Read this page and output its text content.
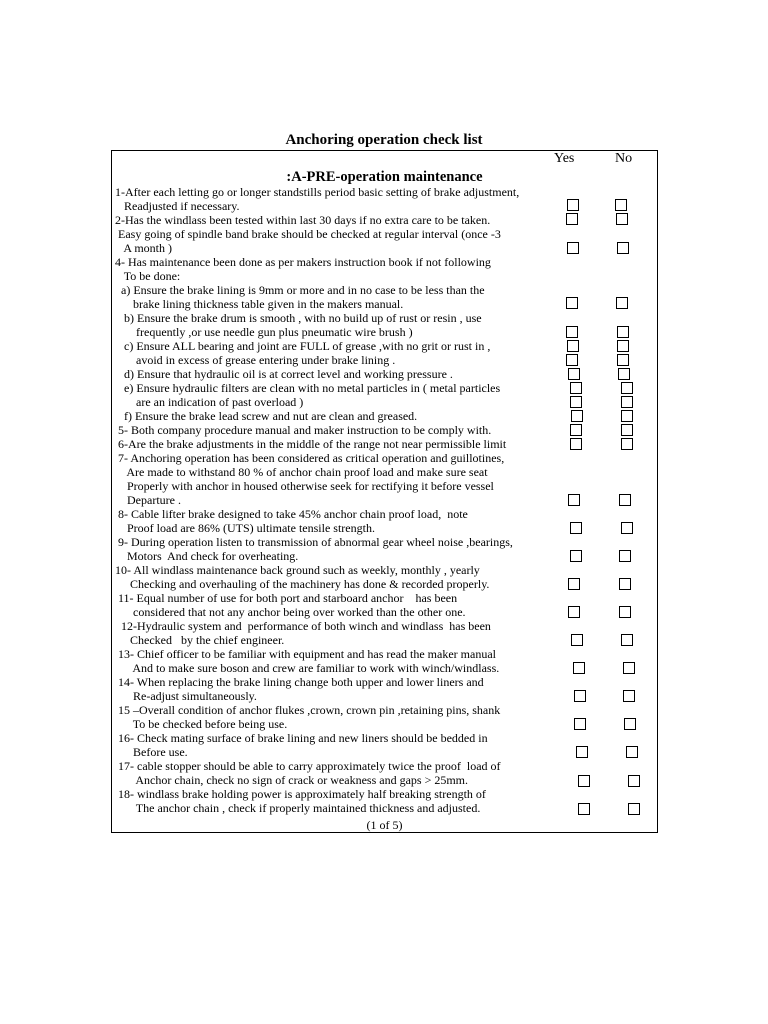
Anchoring operation check list
Yes	No
:A-PRE-operation maintenance
1-After each letting go or longer standstills period basic setting of brake adjustment,
Readjusted if necessary.
2-Has the windlass been tested within last 30 days if no extra care to be taken.
Easy going of spindle band brake should be checked at regular interval (once -3
A month )
4- Has maintenance been done as per makers instruction book if not following
To be done:
a) Ensure the brake lining is 9mm or more and in no case to be less than the
brake lining thickness table given in the makers manual.
b) Ensure the brake drum is smooth , with no build up of rust or resin , use
frequently ,or use needle gun plus pneumatic wire brush )
c) Ensure ALL bearing and joint are FULL of grease ,with no grit or rust in ,
avoid in excess of grease entering under brake lining .
d) Ensure that hydraulic oil is at correct level and working pressure .
e) Ensure hydraulic filters are clean with no metal particles in ( metal particles
are an indication of past overload )
f) Ensure the brake lead screw and nut are clean and greased.
5- Both company procedure manual and maker instruction to be comply with.
6-Are the brake adjustments in the middle of the range not near permissible limit
7- Anchoring operation has been considered as critical operation and guillotines,
Are made to withstand 80 % of anchor chain proof load and make sure seat
Properly with anchor in housed otherwise seek for rectifying it before vessel
Departure .
8- Cable lifter brake designed to take 45% anchor chain proof load,  note
Proof load are 86% (UTS) ultimate tensile strength.
9- During operation listen to transmission of abnormal gear wheel noise ,bearings,
Motors  And check for overheating.
10- All windlass maintenance back ground such as weekly, monthly , yearly
Checking and overhauling of the machinery has done & recorded properly.
11- Equal number of use for both port and starboard anchor    has been
considered that not any anchor being over worked than the other one.
12-Hydraulic system and  performance of both winch and windlass  has been
Checked   by the chief engineer.
13- Chief officer to be familiar with equipment and has read the maker manual
And to make sure boson and crew are familiar to work with winch/windlass.
14- When replacing the brake lining change both upper and lower liners and
Re-adjust simultaneously.
15 –Overall condition of anchor flukes ,crown, crown pin ,retaining pins, shank
To be checked before being use.
16- Check mating surface of brake lining and new liners should be bedded in
Before use.
17- cable stopper should be able to carry approximately twice the proof  load of
Anchor chain, check no sign of crack or weakness and gaps > 25mm.
18- windlass brake holding power is approximately half breaking strength of
The anchor chain , check if properly maintained thickness and adjusted.
(1 of 5)
